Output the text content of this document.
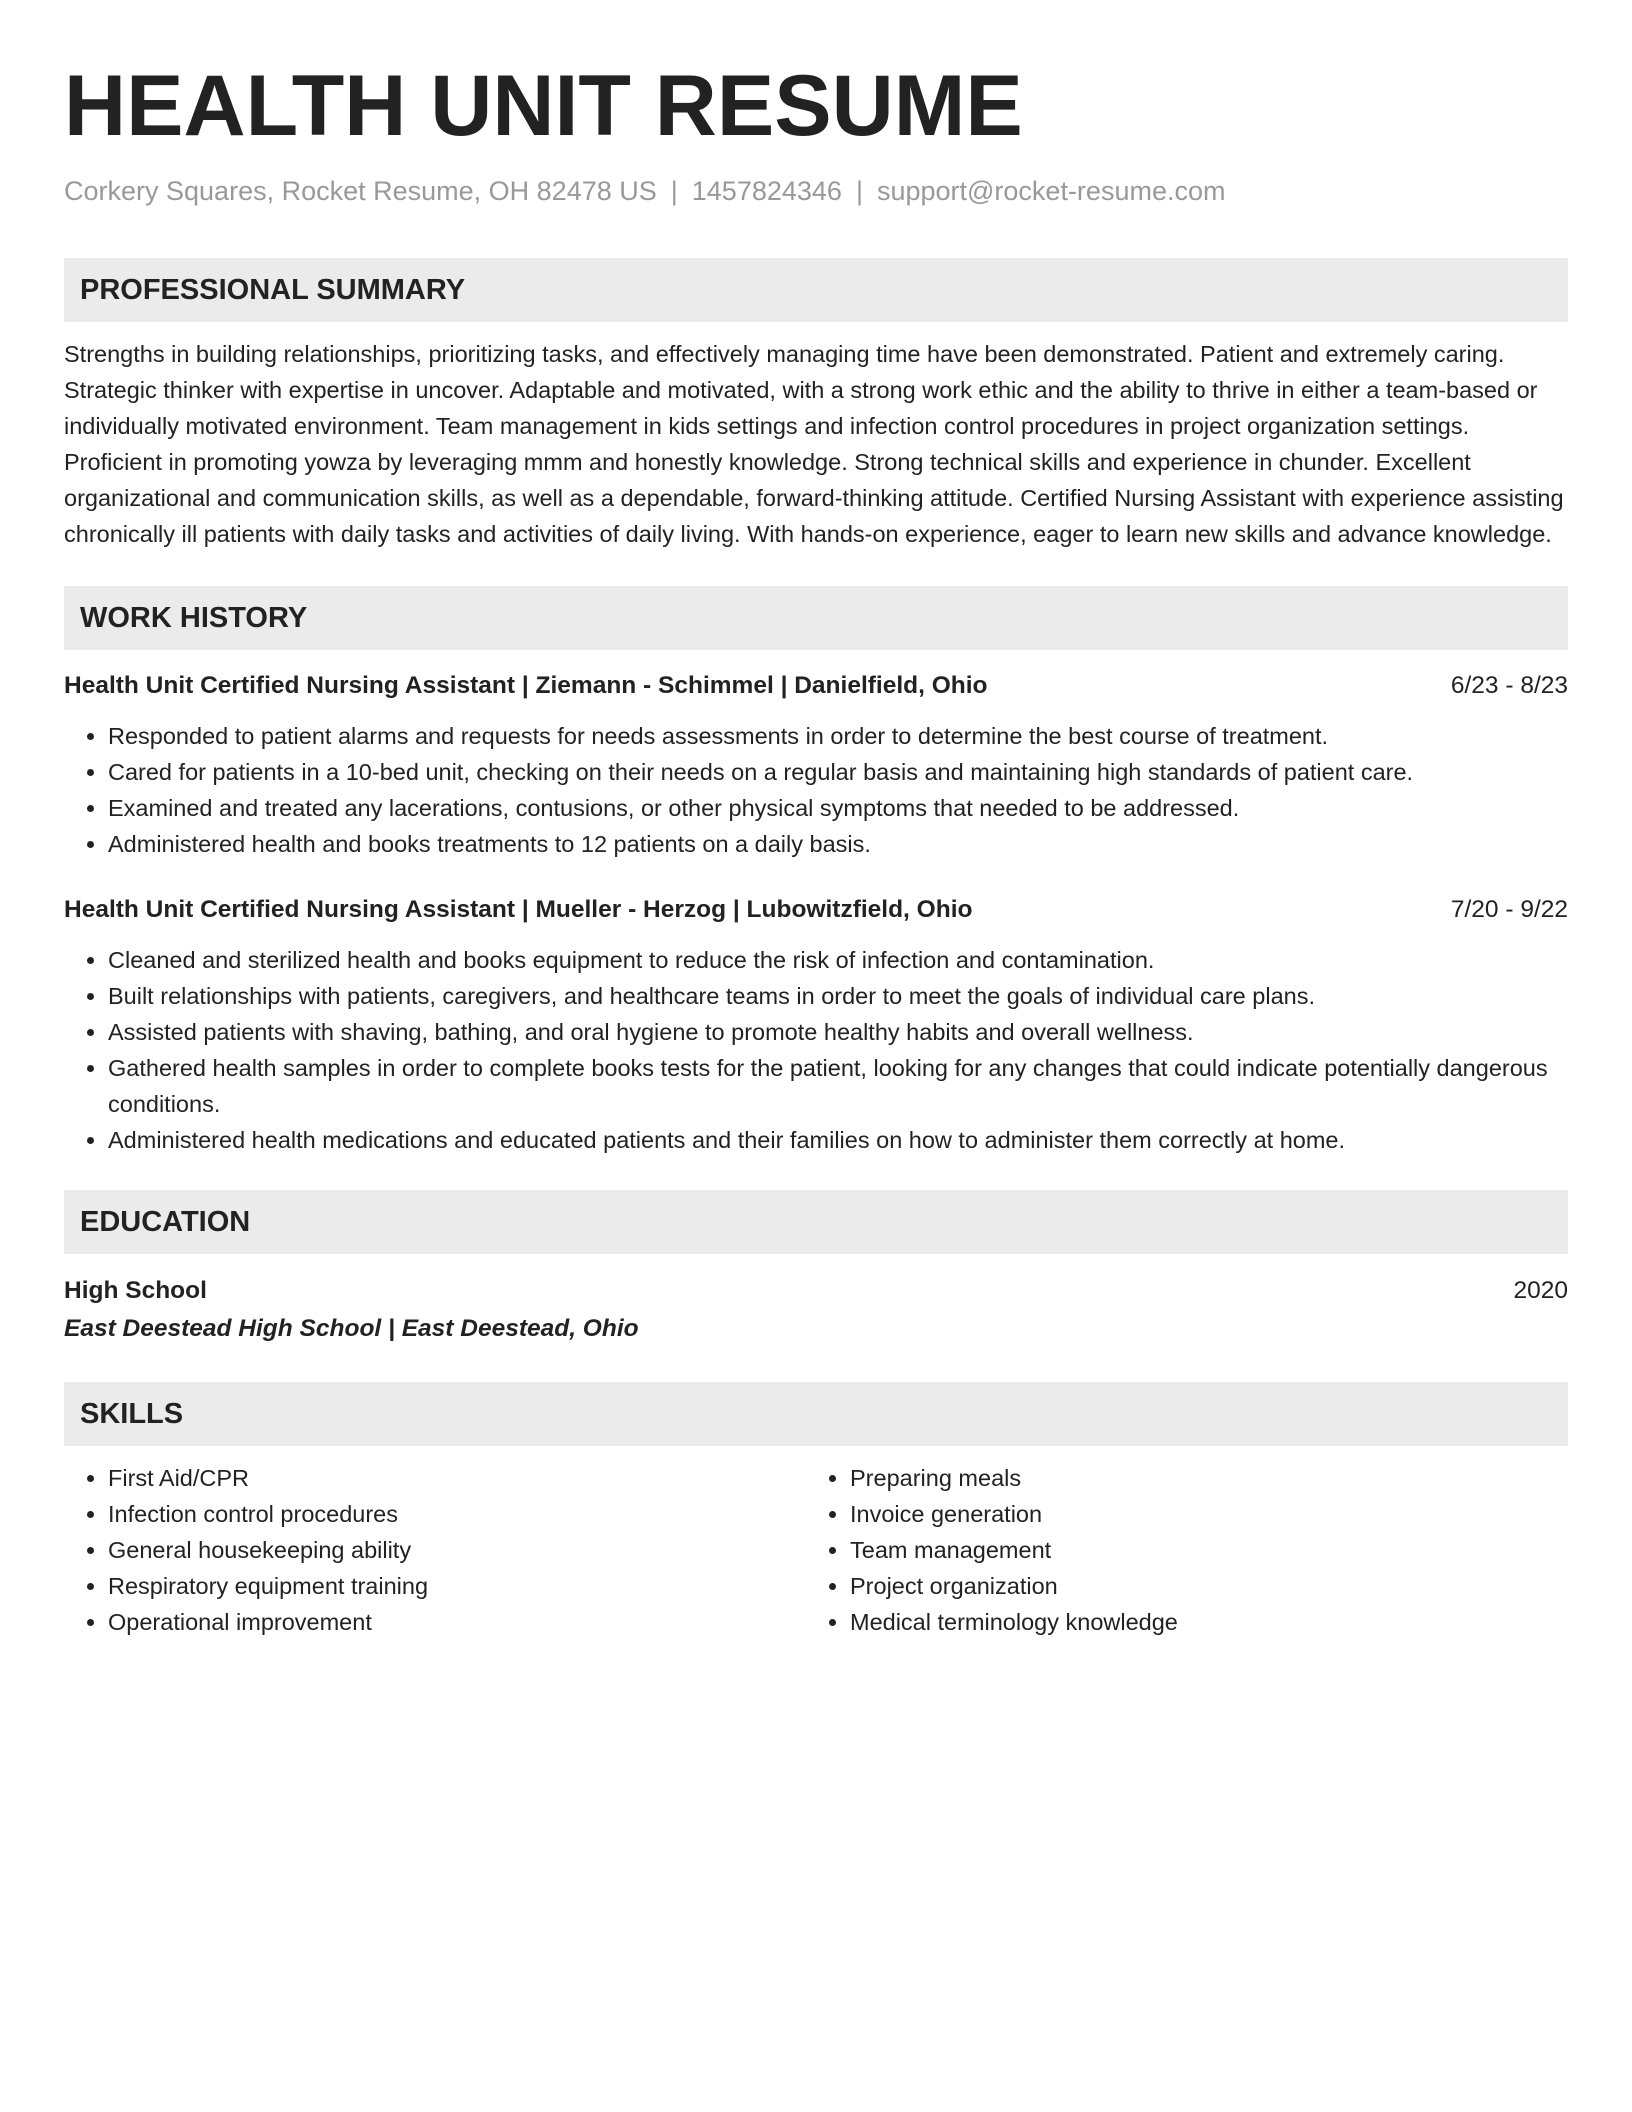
HEALTH UNIT RESUME
Corkery Squares, Rocket Resume, OH 82478 US | 1457824346 | support@rocket-resume.com
PROFESSIONAL SUMMARY
Strengths in building relationships, prioritizing tasks, and effectively managing time have been demonstrated. Patient and extremely caring. Strategic thinker with expertise in uncover. Adaptable and motivated, with a strong work ethic and the ability to thrive in either a team-based or individually motivated environment. Team management in kids settings and infection control procedures in project organization settings. Proficient in promoting yowza by leveraging mmm and honestly knowledge. Strong technical skills and experience in chunder. Excellent organizational and communication skills, as well as a dependable, forward-thinking attitude. Certified Nursing Assistant with experience assisting chronically ill patients with daily tasks and activities of daily living. With hands-on experience, eager to learn new skills and advance knowledge.
WORK HISTORY
Health Unit Certified Nursing Assistant | Ziemann - Schimmel | Danielfield, Ohio	6/23 - 8/23
• Responded to patient alarms and requests for needs assessments in order to determine the best course of treatment.
• Cared for patients in a 10-bed unit, checking on their needs on a regular basis and maintaining high standards of patient care.
• Examined and treated any lacerations, contusions, or other physical symptoms that needed to be addressed.
• Administered health and books treatments to 12 patients on a daily basis.
Health Unit Certified Nursing Assistant | Mueller - Herzog | Lubowitzfield, Ohio	7/20 - 9/22
• Cleaned and sterilized health and books equipment to reduce the risk of infection and contamination.
• Built relationships with patients, caregivers, and healthcare teams in order to meet the goals of individual care plans.
• Assisted patients with shaving, bathing, and oral hygiene to promote healthy habits and overall wellness.
• Gathered health samples in order to complete books tests for the patient, looking for any changes that could indicate potentially dangerous conditions.
• Administered health medications and educated patients and their families on how to administer them correctly at home.
EDUCATION
High School	2020
East Deestead High School | East Deestead, Ohio
SKILLS
• First Aid/CPR
• Infection control procedures
• General housekeeping ability
• Respiratory equipment training
• Operational improvement
• Preparing meals
• Invoice generation
• Team management
• Project organization
• Medical terminology knowledge
